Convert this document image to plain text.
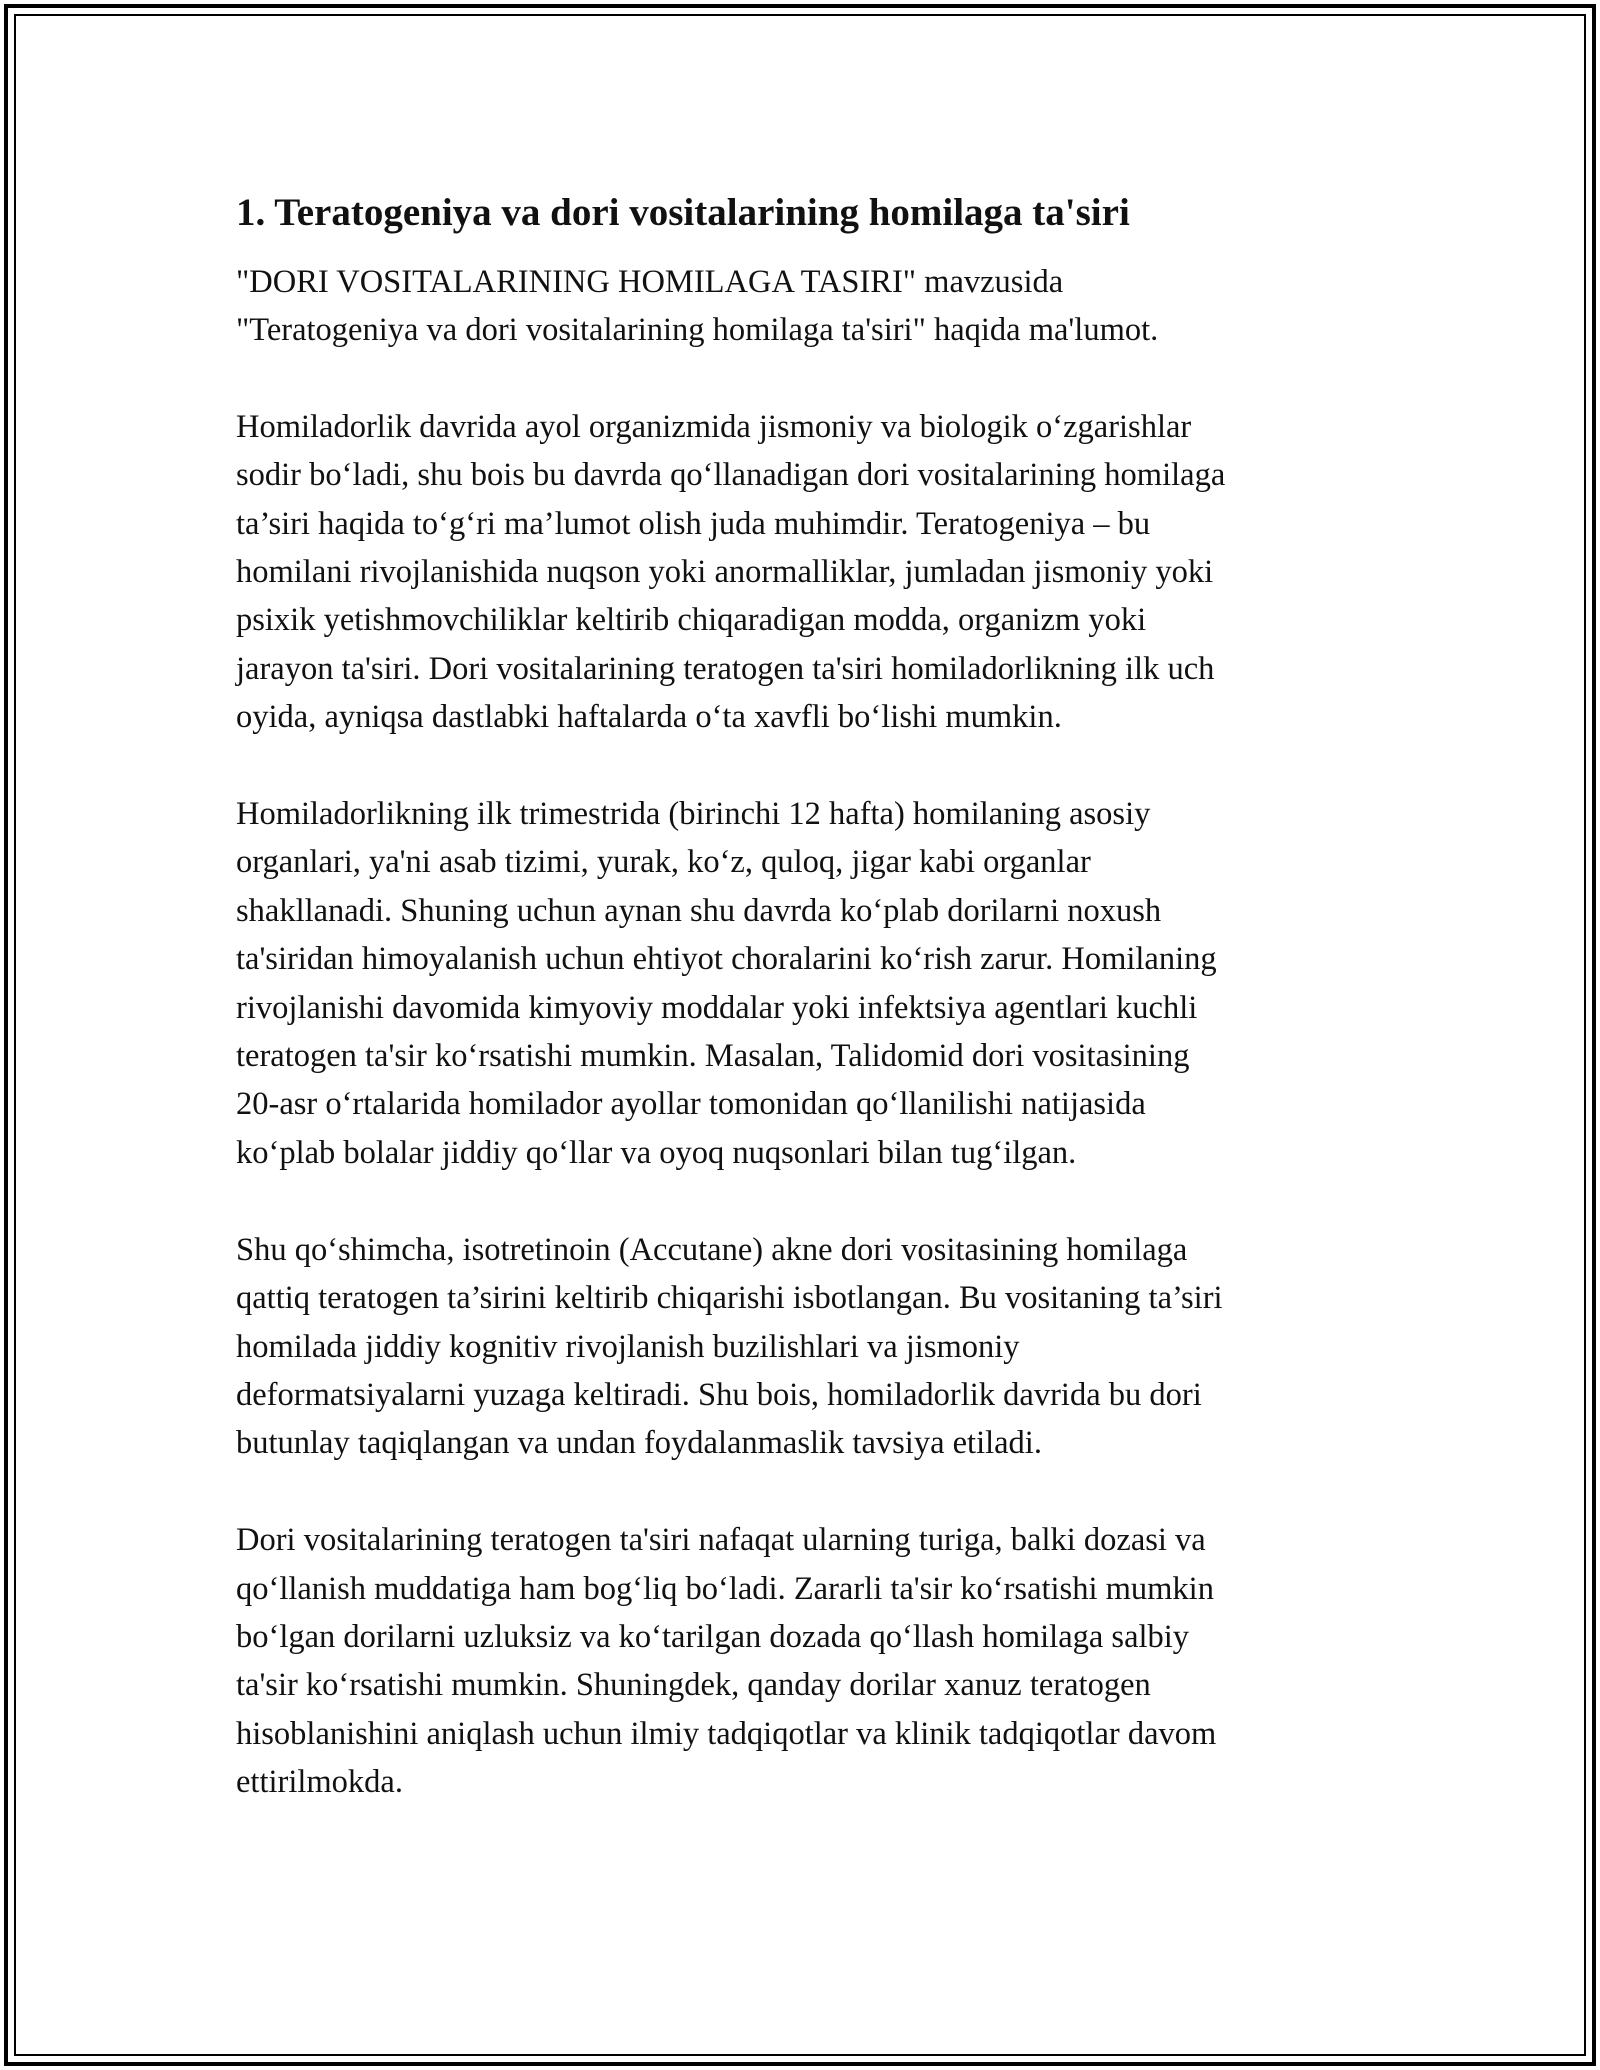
1. Teratogeniya va dori vositalarining homilaga ta'siri

"DORI VOSITALARINING HOMILAGA TASIRI" mavzusida
"Teratogeniya va dori vositalarining homilaga ta'siri" haqida ma'lumot.

Homiladorlik davrida ayol organizmida jismoniy va biologik o‘zgarishlar
sodir bo‘ladi, shu bois bu davrda qo‘llanadigan dori vositalarining homilaga
ta’siri haqida to‘g‘ri ma’lumot olish juda muhimdir. Teratogeniya – bu
homilani rivojlanishida nuqson yoki anormalliklar, jumladan jismoniy yoki
psixik yetishmovchiliklar keltirib chiqaradigan modda, organizm yoki
jarayon ta'siri. Dori vositalarining teratogen ta'siri homiladorlikning ilk uch
oyida, ayniqsa dastlabki haftalarda o‘ta xavfli bo‘lishi mumkin.

Homiladorlikning ilk trimestrida (birinchi 12 hafta) homilaning asosiy
organlari, ya'ni asab tizimi, yurak, ko‘z, quloq, jigar kabi organlar
shakllanadi. Shuning uchun aynan shu davrda ko‘plab dorilarni noxush
ta'siridan himoyalanish uchun ehtiyot choralarini ko‘rish zarur. Homilaning
rivojlanishi davomida kimyoviy moddalar yoki infektsiya agentlari kuchli
teratogen ta'sir ko‘rsatishi mumkin. Masalan, Talidomid dori vositasining
20-asr o‘rtalarida homilador ayollar tomonidan qo‘llanilishi natijasida
ko‘plab bolalar jiddiy qo‘llar va oyoq nuqsonlari bilan tug‘ilgan.

Shu qo‘shimcha, isotretinoin (Accutane) akne dori vositasining homilaga
qattiq teratogen ta’sirini keltirib chiqarishi isbotlangan. Bu vositaning ta’siri
homilada jiddiy kognitiv rivojlanish buzilishlari va jismoniy
deformatsiyalarni yuzaga keltiradi. Shu bois, homiladorlik davrida bu dori
butunlay taqiqlangan va undan foydalanmaslik tavsiya etiladi.

Dori vositalarining teratogen ta'siri nafaqat ularning turiga, balki dozasi va
qo‘llanish muddatiga ham bog‘liq bo‘ladi. Zararli ta'sir ko‘rsatishi mumkin
bo‘lgan dorilarni uzluksiz va ko‘tarilgan dozada qo‘llash homilaga salbiy
ta'sir ko‘rsatishi mumkin. Shuningdek, qanday dorilar xanuz teratogen
hisoblanishini aniqlash uchun ilmiy tadqiqotlar va klinik tadqiqotlar davom
ettirilmokda.
